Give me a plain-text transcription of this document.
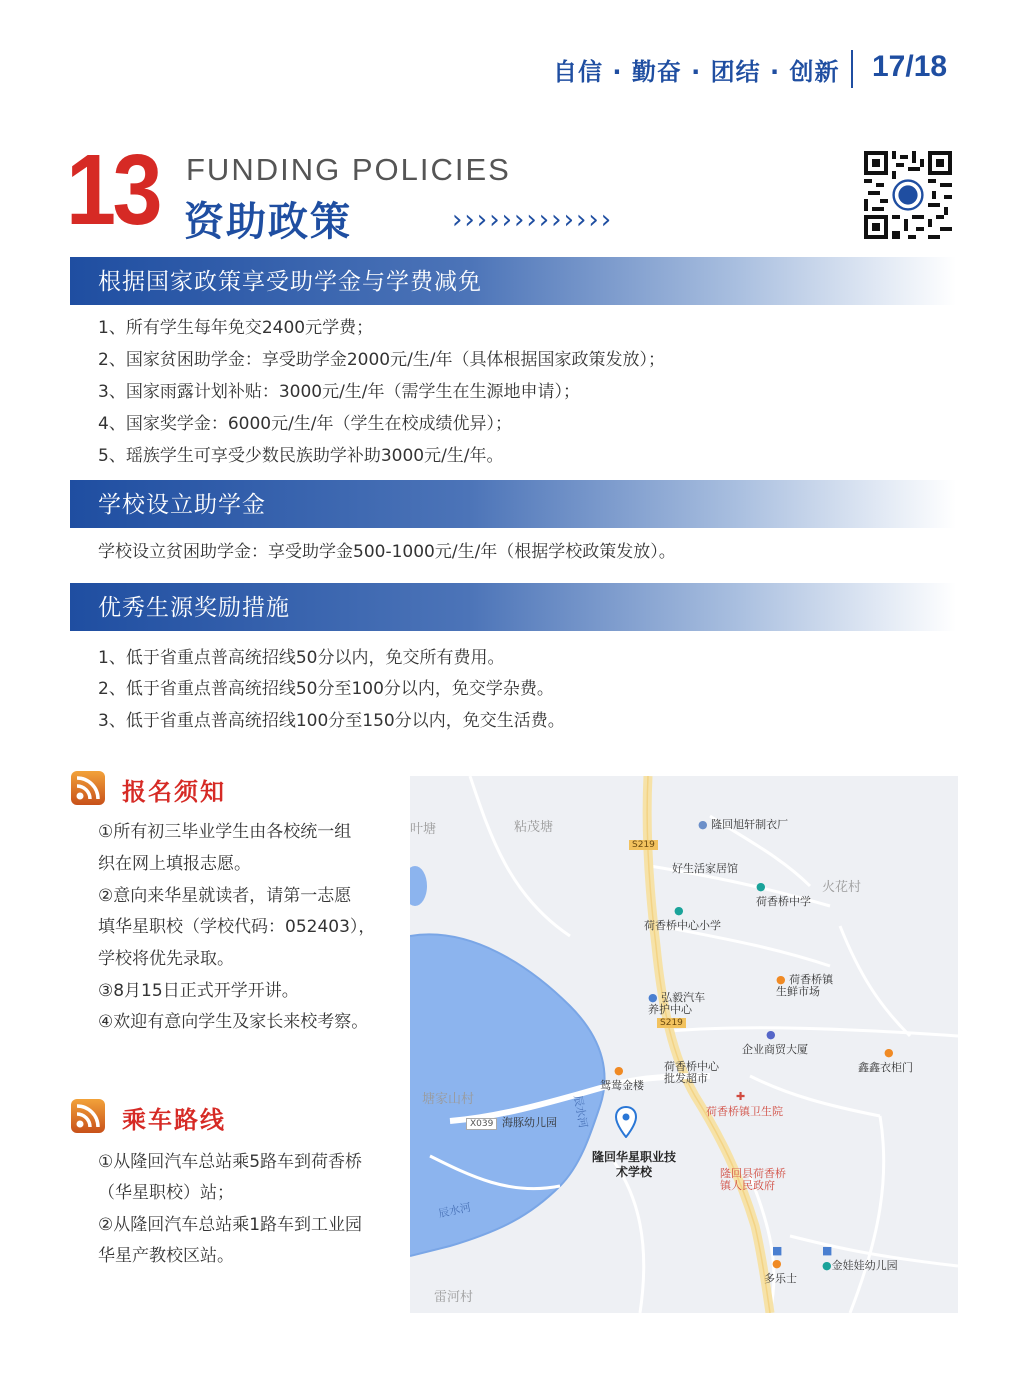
自信 · 勤奋 · 团结 · 创新 17/18
13 FUNDING POLICIES
资助政策	›››››››››››››
根据国家政策享受助学金与学费减免
1、所有学生每年免交2400元学费；
2、国家贫困助学金：享受助学金2000元/生/年（具体根据国家政策发放）；
3、国家雨露计划补贴：3000元/生/年（需学生在生源地申请）；
4、国家奖学金：6000元/生/年（学生在校成绩优异）；
5、瑶族学生可享受少数民族助学补助3000元/生/年。
学校设立助学金
学校设立贫困助学金：享受助学金500-1000元/生/年（根据学校政策发放）。
优秀生源奖励措施
1、低于省重点普高统招线50分以内，免交所有费用。
2、低于省重点普高统招线50分至100分以内，免交学杂费。
3、低于省重点普高统招线100分至150分以内，免交生活费。
报名须知
①所有初三毕业学生由各校统一组
织在网上填报志愿。
②意向来华星就读者，请第一志愿
填华星职校（学校代码：052403），
学校将优先录取。
③8月15日正式开学开讲。
④欢迎有意向学生及家长来校考察。
乘车路线
①从隆回汽车总站乘5路车到荷香桥
（华星职校）站；
②从隆回汽车总站乘1路车到工业园
华星产教校区站。
S219
S219
X039
叶塘	粘茂塘
火花村
塘家山村
雷河村
辰水河
辰水河
● 隆回旭轩制衣厂
好生活家居馆
●
荷香桥中学
●
荷香桥中心小学
● 荷香桥镇生鲜市场
● 弘毅汽车养护中心
●
企业商贸大厦	●
鑫鑫衣柜门
荷香桥中心批发超市
●
鸳鸯金楼
✚
荷香桥镇卫生院
海豚幼儿园
隆回华星职业技术学校	隆回县荷香桥镇人民政府
■
●
多乐士
■
●金娃娃幼儿园
